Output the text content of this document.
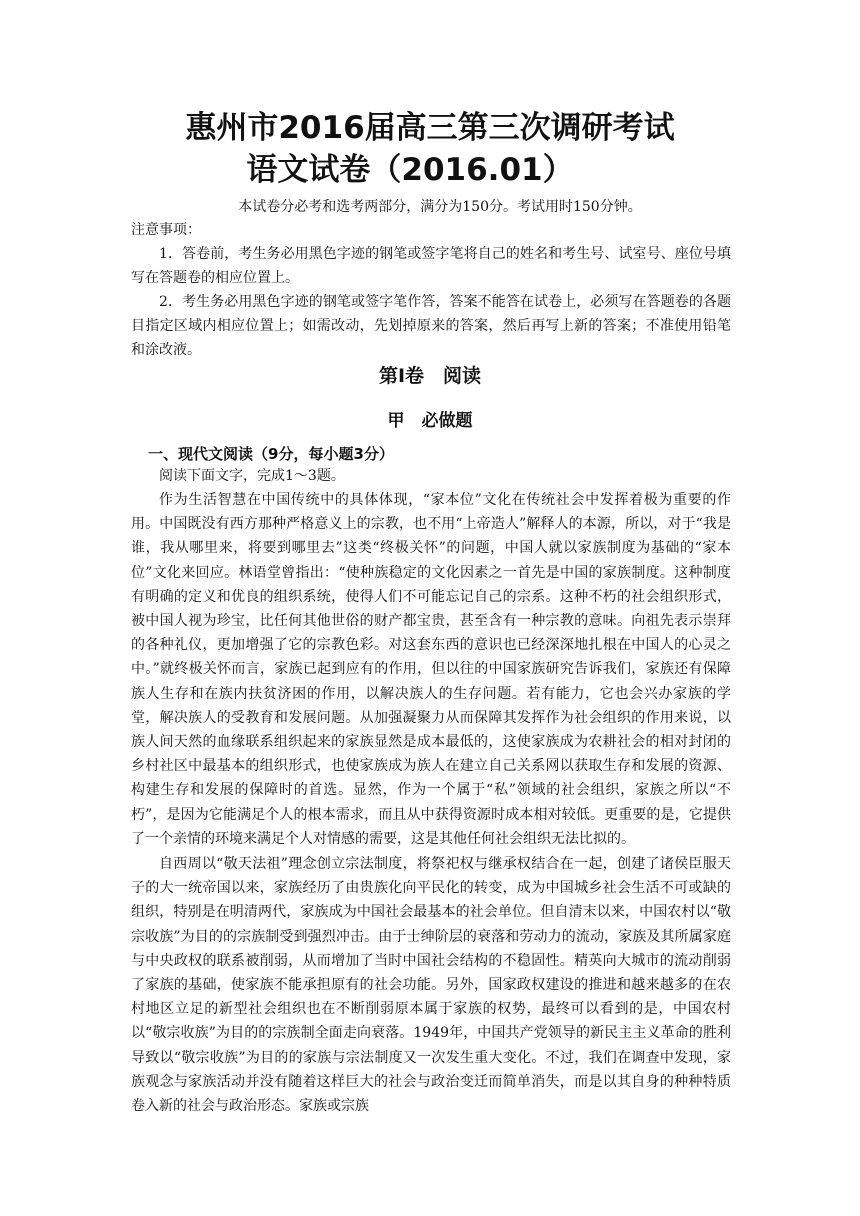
惠州市2016届高三第三次调研考试
语文试卷（2016.01）
本试卷分必考和选考两部分，满分为150分。考试用时150分钟。

注意事项：

1．答卷前，考生务必用黑色字迹的钢笔或签字笔将自己的姓名和考生号、试室号、座位号填写在答题卷的相应位置上。

2．考生务必用黑色字迹的钢笔或签字笔作答，答案不能答在试卷上，必须写在答题卷的各题目指定区域内相应位置上；如需改动，先划掉原来的答案，然后再写上新的答案；不准使用铅笔和涂改液。

第Ⅰ卷　阅读
甲　必做题
一、现代文阅读（9分，每小题3分）

阅读下面文字，完成1～3题。

作为生活智慧在中国传统中的具体体现，“家本位”文化在传统社会中发挥着极为重要的作用。中国既没有西方那种严格意义上的宗教，也不用“上帝造人”解释人的本源，所以，对于“我是谁，我从哪里来，将要到哪里去”这类“终极关怀”的问题，中国人就以家族制度为基础的“家本位”文化来回应。林语堂曾指出：“使种族稳定的文化因素之一首先是中国的家族制度。这种制度有明确的定义和优良的组织系统，使得人们不可能忘记自己的宗系。这种不朽的社会组织形式，被中国人视为珍宝，比任何其他世俗的财产都宝贵，甚至含有一种宗教的意味。向祖先表示崇拜的各种礼仪，更加增强了它的宗教色彩。对这套东西的意识也已经深深地扎根在中国人的心灵之中。”就终极关怀而言，家族已起到应有的作用，但以往的中国家族研究告诉我们，家族还有保障族人生存和在族内扶贫济困的作用，以解决族人的生存问题。若有能力，它也会兴办家族的学堂，解决族人的受教育和发展问题。从加强凝聚力从而保障其发挥作为社会组织的作用来说，以族人间天然的血缘联系组织起来的家族显然是成本最低的，这使家族成为农耕社会的相对封闭的乡村社区中最基本的组织形式，也使家族成为族人在建立自己关系网以获取生存和发展的资源、构建生存和发展的保障时的首选。显然，作为一个属于“私”领域的社会组织，家族之所以“不朽”，是因为它能满足个人的根本需求，而且从中获得资源时成本相对较低。更重要的是，它提供了一个亲情的环境来满足个人对情感的需要，这是其他任何社会组织无法比拟的。

自西周以“敬天法祖”理念创立宗法制度，将祭祀权与继承权结合在一起，创建了诸侯臣服天子的大一统帝国以来，家族经历了由贵族化向平民化的转变，成为中国城乡社会生活不可或缺的组织，特别是在明清两代，家族成为中国社会最基本的社会单位。但自清末以来，中国农村以“敬宗收族”为目的的宗族制受到强烈冲击。由于士绅阶层的衰落和劳动力的流动，家族及其所属家庭与中央政权的联系被削弱，从而增加了当时中国社会结构的不稳固性。精英向大城市的流动削弱了家族的基础，使家族不能承担原有的社会功能。另外，国家政权建设的推进和越来越多的在农村地区立足的新型社会组织也在不断削弱原本属于家族的权势，最终可以看到的是，中国农村以“敬宗收族”为目的的宗族制全面走向衰落。1949年，中国共产党领导的新民主主义革命的胜利导致以“敬宗收族”为目的的家族与宗法制度又一次发生重大变化。不过，我们在调查中发现，家族观念与家族活动并没有随着这样巨大的社会与政治变迁而简单消失，而是以其自身的种种特质卷入新的社会与政治形态。家族或宗族
